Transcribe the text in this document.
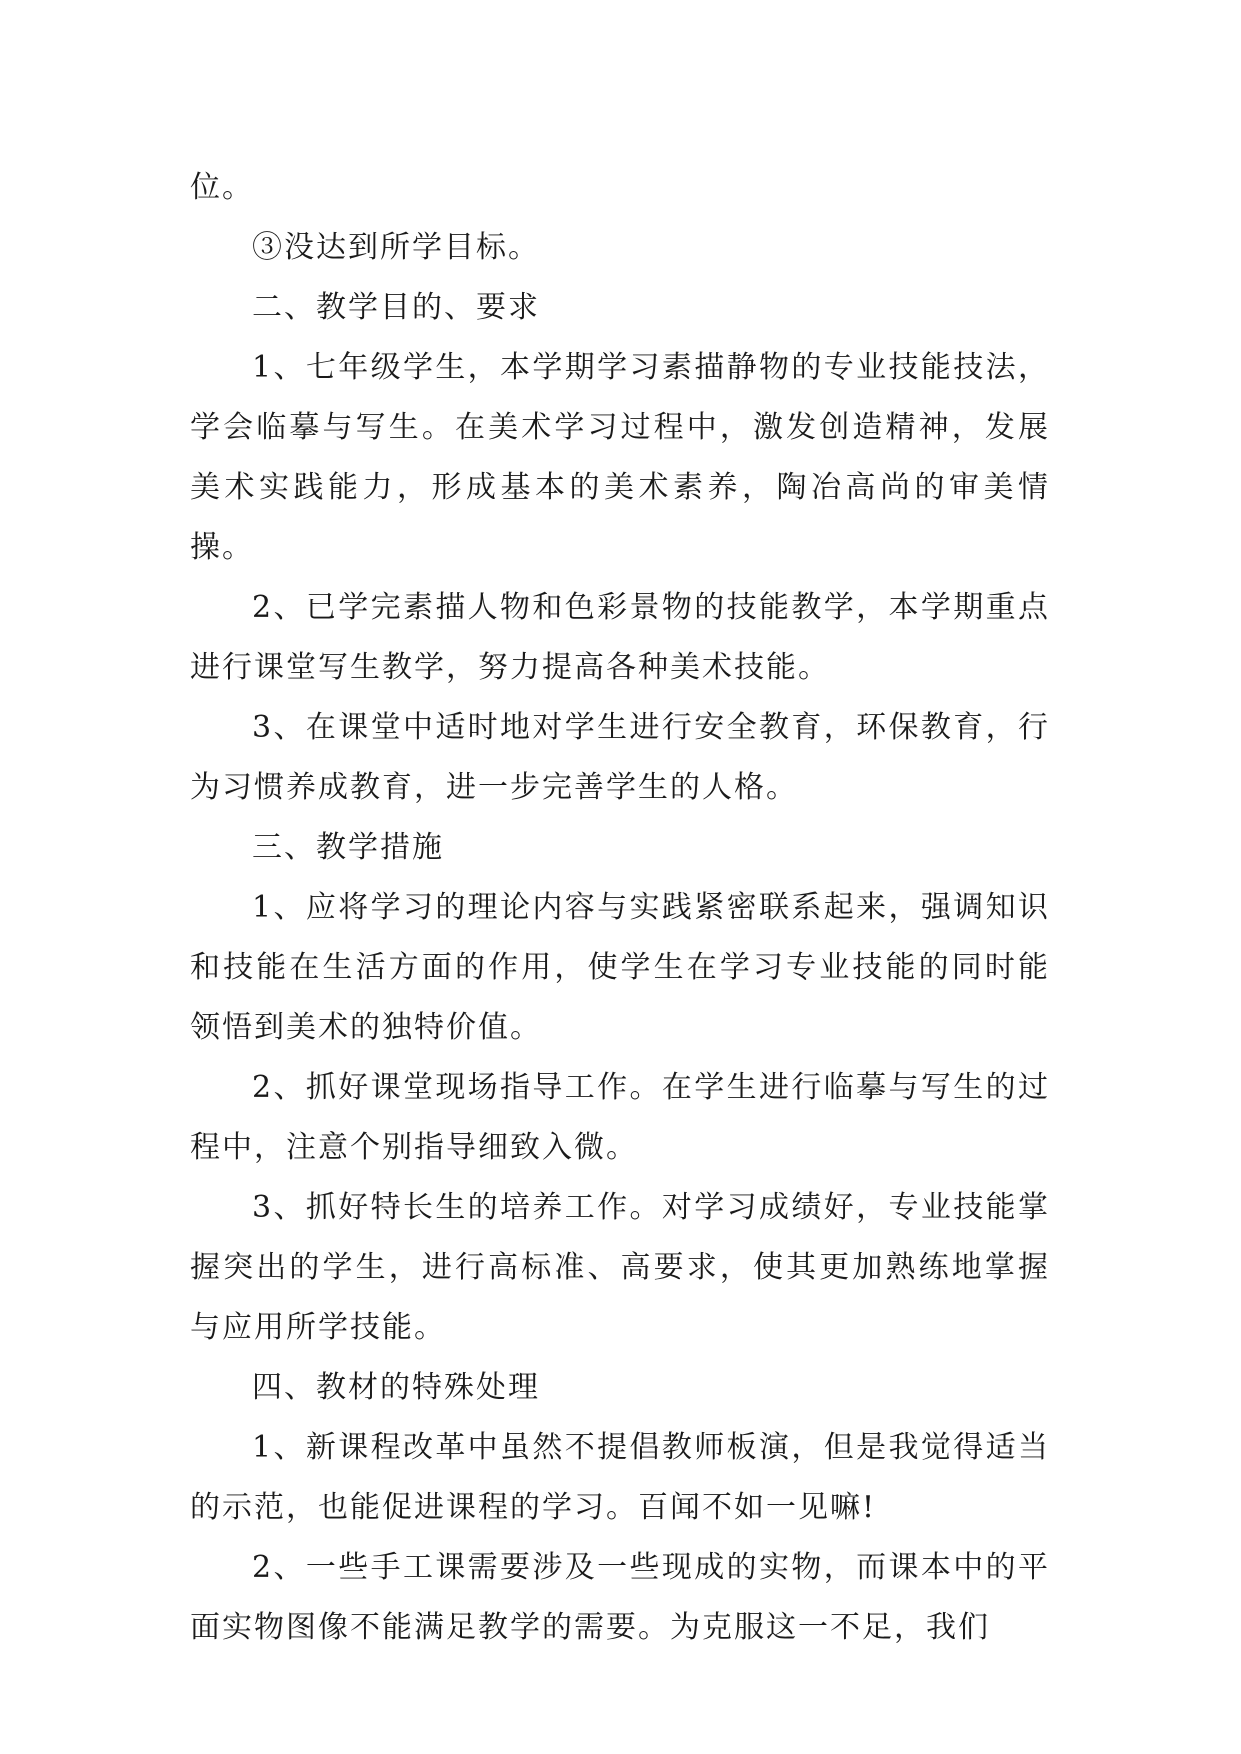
位。

③没达到所学目标。

二、教学目的、要求

1、七年级学生，本学期学习素描静物的专业技能技法，学会临摹与写生。在美术学习过程中，激发创造精神，发展美术实践能力，形成基本的美术素养，陶冶高尚的审美情操。

2、已学完素描人物和色彩景物的技能教学，本学期重点进行课堂写生教学，努力提高各种美术技能。

3、在课堂中适时地对学生进行安全教育，环保教育，行为习惯养成教育，进一步完善学生的人格。

三、教学措施

1、应将学习的理论内容与实践紧密联系起来，强调知识和技能在生活方面的作用，使学生在学习专业技能的同时能领悟到美术的独特价值。

2、抓好课堂现场指导工作。在学生进行临摹与写生的过程中，注意个别指导细致入微。

3、抓好特长生的培养工作。对学习成绩好，专业技能掌握突出的学生，进行高标准、高要求，使其更加熟练地掌握与应用所学技能。

四、教材的特殊处理

1、新课程改革中虽然不提倡教师板演，但是我觉得适当的示范，也能促进课程的学习。百闻不如一见嘛!

2、一些手工课需要涉及一些现成的实物，而课本中的平面实物图像不能满足教学的需要。为克服这一不足，我们
